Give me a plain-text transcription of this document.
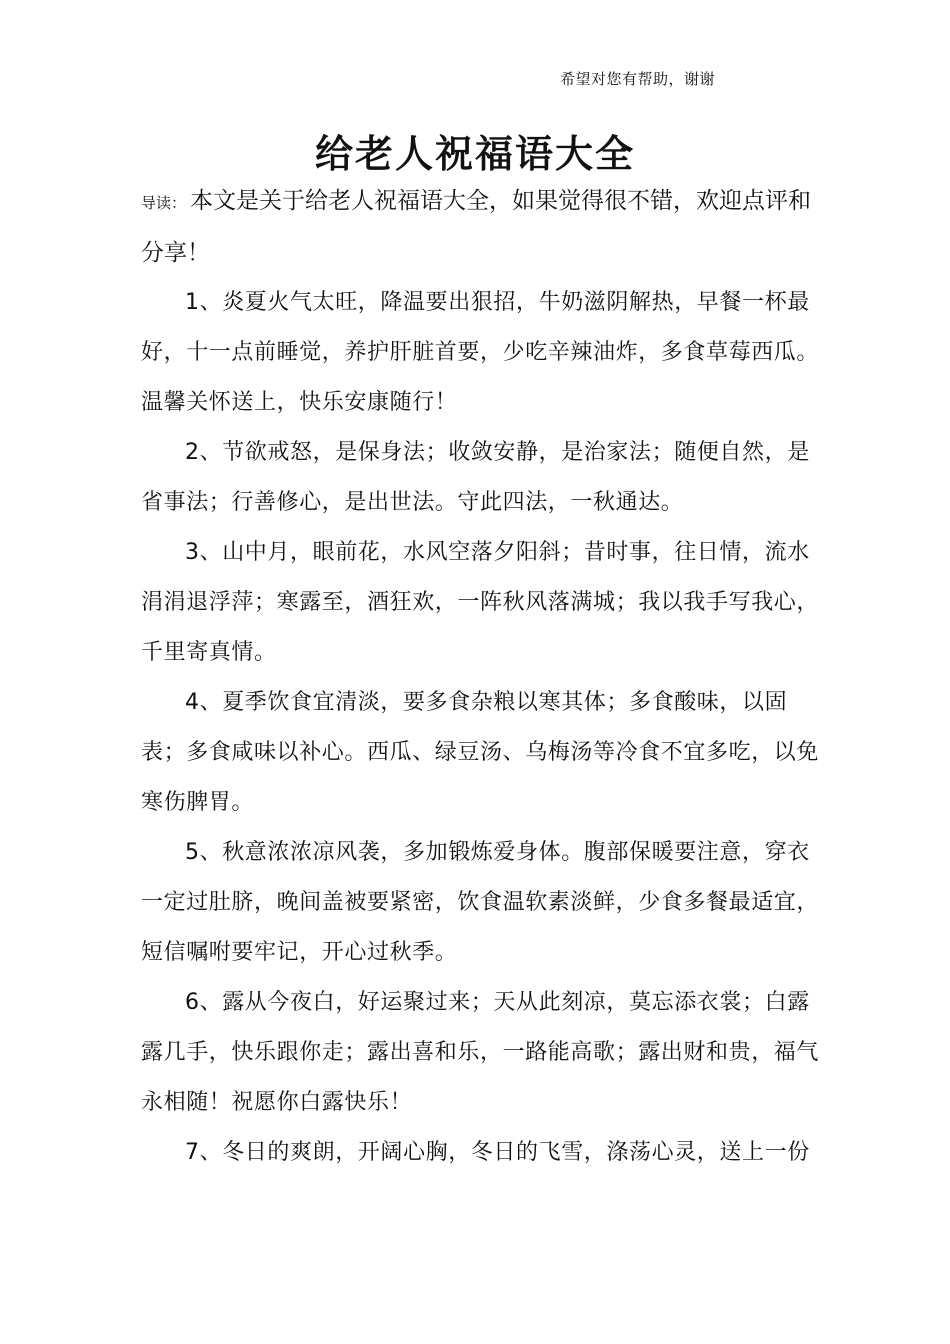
希望对您有帮助，谢谢
给老人祝福语大全

导读： 本文是关于给老人祝福语大全，如果觉得很不错，欢迎点评和分享！

1、炎夏火气太旺，降温要出狠招，牛奶滋阴解热，早餐一杯最好，十一点前睡觉，养护肝脏首要，少吃辛辣油炸，多食草莓西瓜。温馨关怀送上，快乐安康随行！

2、节欲戒怒，是保身法；收敛安静，是治家法；随便自然，是省事法；行善修心，是出世法。守此四法，一秋通达。

3、山中月，眼前花，水风空落夕阳斜；昔时事，往日情，流水涓涓退浮萍；寒露至，酒狂欢，一阵秋风落满城；我以我手写我心，千里寄真情。

4、夏季饮食宜清淡，要多食杂粮以寒其体；多食酸味，以固表；多食咸味以补心。西瓜、绿豆汤、乌梅汤等冷食不宜多吃，以免寒伤脾胃。

5、秋意浓浓凉风袭，多加锻炼爱身体。腹部保暖要注意，穿衣一定过肚脐，晚间盖被要紧密，饮食温软素淡鲜，少食多餐最适宜，短信嘱咐要牢记，开心过秋季。

6、露从今夜白，好运聚过来；天从此刻凉，莫忘添衣裳；白露露几手，快乐跟你走；露出喜和乐，一路能高歌；露出财和贵，福气永相随！祝愿你白露快乐！

7、冬日的爽朗，开阔心胸，冬日的飞雪，涤荡心灵，送上一份
